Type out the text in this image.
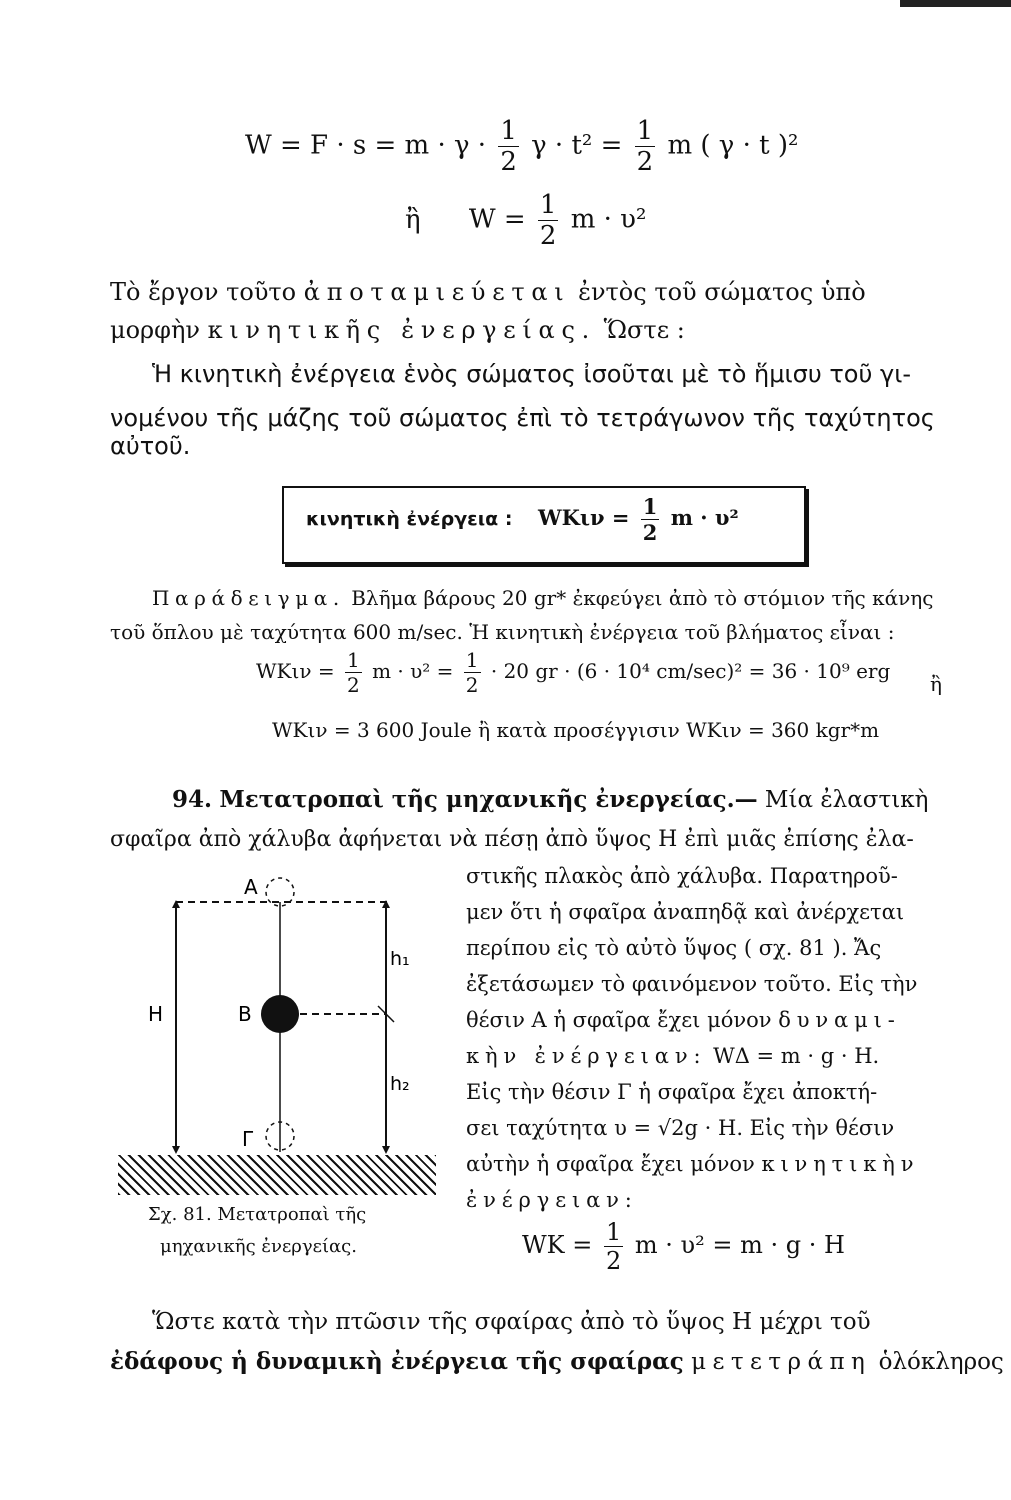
$W = F \cdot s = m \cdot \gamma \cdot \frac{1}{2}$ $\gamma \cdot t^2 = \frac{1}{2}$ m ( γ · t )²
ἢ $W = \frac{1}{2}$ m · υ²
Τὸ ἔργον τοῦτο ἀποταμιεύεται ἐντὸς τοῦ σώματος ὑπὸ
μορφὴν κινητικῆς ἐνεργείας. Ὥστε :
Ἡ κινητικὴ ἐνέργεια ἑνὸς σώματος ἰσοῦται μὲ τὸ ἥμισυ τοῦ γι-
νομένου τῆς μάζης τοῦ σώματος ἐπὶ τὸ τετράγωνον τῆς ταχύτητος
αὐτοῦ.
κινητικὴ ἐνέργεια : $WK\iota\nu = \frac{1}{2}$ m · υ²
Παράδειγμα. Βλῆμα βάρους 20 gr* ἐκφεύγει ἀπὸ τὸ στόμιον τῆς κάνης
τοῦ ὅπλου μὲ ταχύτητα 600 m/sec. Ἡ κινητικὴ ἐνέργεια τοῦ βλήματος εἶναι :
$WK\iota\nu = \frac{1}{2}$ $m \cdot \upsilon^2 = \frac{1}{2} \cdot 20$ gr · (6 · 10⁴ cm/sec)² = 36 · 10⁹ erg
ἢ
WΚιν = 3 600 Joule ἢ κατὰ προσέγγισιν WΚιν = 360 kgr*m
94. Μετατροπαὶ τῆς μηχανικῆς ἐνεργείας.— Μία ἐλαστικὴ
σφαῖρα ἀπὸ χάλυβα ἀφήνεται νὰ πέσῃ ἀπὸ ὕψος Η ἐπὶ μιᾶς ἐπίσης ἐλα-
στικῆς πλακὸς ἀπὸ χάλυβα. Παρατηροῦ-
μεν ὅτι ἡ σφαῖρα ἀναπηδᾷ καὶ ἀνέρχεται
περίπου εἰς τὸ αὐτὸ ὕψος ( σχ. 81 ). Ἄς
ἐξετάσωμεν τὸ φαινόμενον τοῦτο. Εἰς τὴν
θέσιν Α ἡ σφαῖρα ἔχει μόνον δυναμι-
κὴν ἐνέργειαν: WΔ = m · g · H.
Εἰς τὴν θέσιν Γ ἡ σφαῖρα ἔχει ἀποκτή-
σει ταχύτητα υ = √2g · H. Εἰς τὴν θέσιν
αὐτὴν ἡ σφαῖρα ἔχει μόνον κινητικὴν
ἐνέργειαν:
$WK = \frac{1}{2}$ m · υ² = m · g · H
Α
Β
Γ
Η
h₁
h₂
Σχ. 81. Μετατροπαὶ τῆς
μηχανικῆς ἐνεργείας.
Ὥστε κατὰ τὴν πτῶσιν τῆς σφαίρας ἀπὸ τὸ ὕψος Η μέχρι τοῦ
ἐδάφους ἡ δυναμικὴ ἐνέργεια τῆς σφαίρας μετετράπη ὁλόκληρος
